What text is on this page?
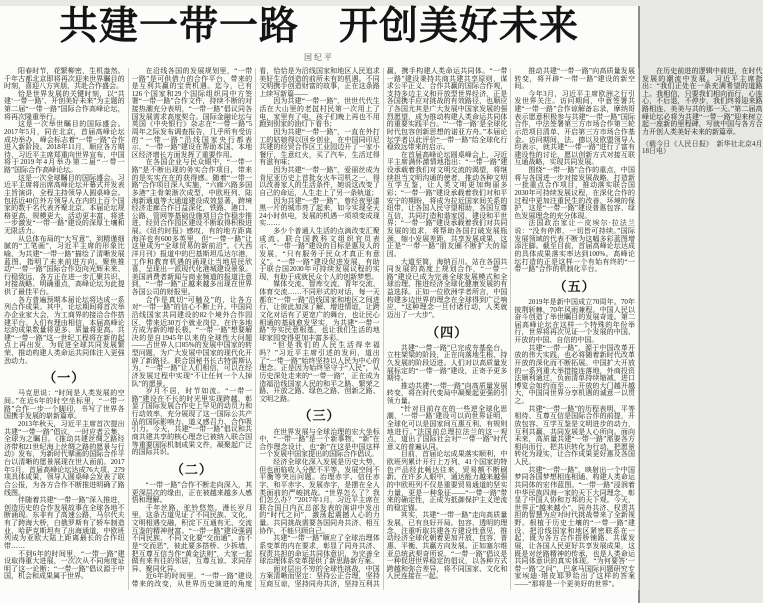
共建一带一路　开创美好未来
国纪平

阳春时节，花繁柳密，生机盎然。千年古都北京即将再次迎来世界瞩目的时刻，喜迎八方宾朋，共赴合作盛会。

恰是世界发展的关键时刻，以“共建‘一带一路’、开创美好未来”为主题的第二届“一带一路”国际合作高峰论坛，将再次隆重举行。

这是一次举世瞩目的国际盛会。2017年5月，同在北京，首届高峰论坛成功举办，峰会标志着“一带一路”合作进入新阶段。2018年11月，顺应各方期待，习近平主席郑重向世界宣布，中国将于2019年4月举办第二届“一带一路”国际合作高峰论坛。

这是一次全球瞩目的国际盛会。习近平主席将出席高峰论坛开幕式并发表主旨演讲，全程主持领导人圆桌峰会。包括近40位外方领导人在内的上百个国家的数千名代表齐聚北京。本届论坛规格更高、规模更大、活动更丰富，将进一步激发“一带一路”建设的深厚土壤和无限活力。

从总体布局的“大写意”，到精谨细腻的“工笔画”，习近平主席的形象比喻，为共建“一带一路”描绘了清晰发展蓝图，指明了未来前进方向。聚焦推动“一带一路”国际合作迈向光辉未来、行稳致远，各方正在进一步汇聚共识、对接战略、明确重点，高峰论坛为此提供了最佳平台。

各方普遍预期本届论坛将达成一系列合作成果。其中，论坛期间将首次举办企业家大会，为工商界的接洽合作搭建平台。人们有理由相信，本届高峰论坛的成果数量将更多、质量将更高。共建“一带一路”这一世纪工程将在新的起点上再出发，为促进全球共同发展繁荣、推动构建人类命运共同体注入更强劲动力。

（一）

马克思说：“时间是人类发展的空间。”在近6年的时空坐标里，“一带一路”合作一步一个脚印，书写了世界各国携手发展的崭新篇章。

2013年秋天，习近平主席首次提出共建“一带一路”倡议，一时应者云集，全球为之瞩目。《推动共建丝绸之路经济带和21世纪海上丝绸之路的愿景与行动》发布，为新时代擘画的国际合作平台以清晰的愿景展现在世人面前。2017年5月，首届高峰论坛达成76大项、279项具体成果，领导人圆桌峰会发表了联合公报，为各方合作不断推进明确了路线图。

伴随着共建“一带一路”深入推进，创造历史的合作发展故事在全球各地不断涌现。东非有了高速公路，马尔代夫有了跨海大桥，白俄罗斯有了轿车制造业，哈萨克斯坦有了出海通道，中欧班列成为亚欧大陆上距离最长的合作纽带……

不到6年的时间里，“一带一路”建设取得重大进展，一次次从不同角度证明了这一论断：“一带一路”倡议源于中国，机会和成果属于世界。

在沿线各国的发展规划里，“一带一路”是可供借力的合作平台，带来的是互利共赢的宝贵机遇。迄今，已有126个国家和29个国际组织同中方签署“一带一路”合作文件，持续不断的对接热潮充分表明，“一带一路”倡议同各国发展需求高度契合。国际金融论坛与英国《中央银行》杂志在“一带一路”5周年之际发布调查报告，几乎所有受访的“一带一路”沿线国家央行都表示，“一带一路”建设在帮助本国、本地区经济增长方面发挥了重要作用。

在各国企业与民众眼中，“一带一路”是不断出现的务实合作项目，带来的是实实在在的获得感。随着“一带一路”合作项目深入实施，“六廊六路多国多港”主骨架渐次成型，中欧班列、陆海新通道等大通道建设成效显著，跨境经济走廊合作日益深化，铁路、港口、公路、管网等基础设施项目合作稳步推进，经贸合作园区建设不断取得积极进展。《纽约时报》感叹，有的地方距离海洋也有600多英里，但“一带一路”让这里成为“全球贸易的新前沿”。《大西洋月刊》报道中的巴基斯坦瓜达尔港，工作和教育机遇的涌现让当地居民欣喜，呈现出一派现代化港城建设景象。美国消费者新闻与商业频道的报道注意到，“一带一路”正越来越多出现在世界各国公司的财报里。

合作是真切“可触及”的，让各方对“一带一路”的信心不断上升。中国同沿线国家共同建设的82个境外合作园区，带来近30万个就业岗位，在许多地方成为新的增长极。“一带一路”想要解决的是自1945年以来的全球性大问题——占世界人口85%的发展中国家的转型问题，为广大发展中国家的现代化开辟了新路径。联合国秘书长古特雷斯认为，“一带一路”让人们相信，可以在经济发展过程中实现“不让任何一个人掉队”的愿景。

岁月不居，时节如流。“一带一路”建设在不长的时光里实现跨越，彰显了国际发展合作史上罕见的动员力和行动效率，充分展现了这一国际公共产品的国际影响力、道义感召力、合作吸引力。今天，共建“一带一路”倡议和共商共建共享的核心理念已被纳入联合国等重要国际机制成果文件，凝聚起广泛的国际共识。

（二）

“一带一路”合作不断走向深入，其更深层次的缘由，正在被越来越多人感悟和理解。

千年丝路，驼铃悠悠。漫长岁月里，这条古道见证了不同民族、文化、文明相遇交融，积淀下互通有无、交流互鉴的精神财富。“一带一路”建设强调不同民族、不同文化要“交而通”，而不是“交而恶”，彼此要多搭桥、少拆墙，把互尊互信当作“黄金法则”，大家一起做有来有往的邻居，互尊互谅、求同存异、聚同化异。

近6年的时间里，“一带一路”建设带来的改变，从世界历史演进的角度看，恰恰是为沿线国家和地区人民追求美好生活创造的前所未有的机遇。不同文明携手创造财富的故事，正在这条路上续写新篇——

因为共建“一带一路”，世世代代生活在大山里的老挝村民第一次用上了电，家里有了电，孩子们晚上再也不用跑到别家的油灯下看书；

因为共建“一带一路”，一直在外打工的姑娘得以回乡创业，在中国同印尼共建的经贸合作区工业园边开了一家小餐厅，生意红火，买了汽车，生活过得有滋有味；

因为共建“一带一路”，爱丽丝成为肯尼亚历史上首批女火车司机之一，得以改善家人的生活条件，她说这改变了自己的命运，人生走上了另一条轨道；

因为共建“一带一路”，曾经夜里漆黑一片的城市亮了起来，如今实现全天24小时供电，发展的机遇一项项变成现实……

多少个普通人生活的点滴改变汇聚成流。联合国教科文组织官员表示，“一带一路”建设的目标是惠及人的发展，“只有服务于民众才真正有意义”。“一带一路”建设促进发展，有助于联合国2030年可持续发展议程的实现，有助于成就民众个人的创新梦想。

媒体交流、智库交流、青年交流、体育交流……不同形式的对话，每一天都在“一带一路”沿线国家和地区之间进行，让彼此加深了解、增进情谊，让跨文化对话有了更宽广的舞台，也让民心相通的基础愈发坚实，为共建“一带一路”夯实民意根基，也让我们生活的地球家园变得更加丰富多彩。

“但是我们的人民生活得幸福吗？”习近平主席引述的发问，道出了“一带一路”始终坚持以人民为中心的理念。正是因为始终坚守于“人民”，从历史深处走来的“一带一路”，正在成为造福沿线国家人民的和平之路、繁荣之路、开放之路、绿色之路、创新之路、文明之路。

（三）

在世界发展与全球治理的宏大坐标中，“一带一路”是一个新事物，“新”在合作理念设计，也“新”在这是中国这样一个发展中国家提出的国际合作倡议。

经济全球化深入发展是历史大势，但也面临收入分配不平等、发展空间不平衡等突出问题。治理赤字、信任赤字、和平赤字、发展赤字，是摆在全人类面前的严峻挑战。“世界怎么了？我们怎么办？”2017年1月，习近平主席在联合国日内瓦总部发表的演讲中发出的“时代之问”，激荡起震撼人心的力量。共同挑战需要各国同舟共济、相互协作，不能只顾自己。

共建“一带一路”顺应了全球治理体系变革的内在要求，彰显了同舟共济、权责共担的命运共同体意识，为完善全球治理体系变革提供了新思路新方案。

面对层出不穷的全球性挑战，中国方案清晰而坚定：坚持公正合理，坚持互商互谅，坚持同舟共济，坚持互利共赢，携手构建人类命运共同体。“一带一路”建设秉持共商共建共享原则，谋求公平正义、合作共赢的国际合作观，支持多边主义和开放型世界经济，正是各国携手应对挑战的有效路径，也顺应了各国尤其是广大发展中国家发展的强烈愿望，成为推动构建人类命运共同体的重要实践平台。“‘一带一路’是全球化时代包容创新思想的诺亚方舟。”本届论坛学者以此评价“一带一路”给全球化行稳致远带来的启示。

在首届高峰论坛圆桌峰会上，习近平主席满怀激情地指出：“一带一路”建设承载着我们对文明交流的渴望，将继续担当文明沟通的使者，推动各种文明互学互鉴，让人类文明更加绚丽多彩；“一带一路”建设承载着我们对和平安宁的期盼，将成为拉近国家间关系的纽带，让各国人民守望相助，各国互尊互信，共同打造和谐家园，建设和平世界；“一带一路”建设承载着我们对共同发展的追求，将帮助各国打破发展瓶颈，缩小发展差距，共享发展成果，这正是“一带一路”朋友圈不断扩大的原因。

大道至简，海纳百川。站在各国共同发展的高度上规划合作，“一带一路”建设已成为完善全球发展模式和全球治理、推进经济全球化健康发展的有益选择。正如一位欧洲学者所言，中国构建多边世界的理念在全球得到广泛响应，“这种理念一旦付诸行动，人类就迈出了一大步”。

（四）

共建“一带一路”已完成夯基垒台、立柱架梁的阶段，正在向落地生根、持久发展的阶段迈进。人们对以高质量发展标定的“一带一路”建设，正寄予更多期待。

推动共建“一带一路”向高质量发展转变，将在时代变局中凝聚起更强的引领力量。

“针对目前存在的一些逆全球化思潮，‘一带一路’建设可以向世界证明，全球化可以是国家间互惠互利、有规则地进行。”法国前总理拉法兰的这一观点，道出了国际社会对“一带一路”时代意义的普遍认同。

目前，首届论坛成果落实顺利，中欧班列累计开行上万列，41个国家的特色产品经此畅达往来，贸易额不断刷新。在许多人眼中，通达能力越来越强的中欧班列不仅是重要贸易通道的坚实力量，更是一种象征——“一带一路”带来的确定性，正成为抵御保护主义逆流的稳定锚。

其实，共建“一带一路”走向高质量发展，已有良好开局。包容、透明的理念，注重听取共建各方建设性意见，推动经济全球化朝着更加开放、包容、普惠、平衡、共赢方向发展。正如塞尔维亚总统武契奇所说，“一带一路”倡议是一种促进世界稳定的倡议，以各种方式跨越和弥合差异，将不同国家、文化和人民连接在一起。

推动共建“一带一路”向高质量发展转变，将开辟“一带一路”建设的新空间。

今年3月，习近平主席欧洲之行引发世界关注。访问期间，中意签署共建“一带一路”合作谅解备忘录，摩纳哥表示愿意积极参与共建“一带一路”国际合作，中法签署第三方市场合作第三轮示范项目清单、开启第三方市场合作基金。访问期间，法、德以及欧盟领导人均表示，就共建“一带一路”进行了富有建设性的讨论，愿以创新方式对接互联互通战略，实现共同发展。

围绕“一带一路”合作的重点，中国将与各国进一步对接发展战略，打造新一批重点合作项目，推动落实联合国2030年可持续发展议程，在深化合作的过程中更加注重民生的改善、环境的保护，这是“一带一路”建设普惠包容、绿色发展理念的充分体现。

法国政治家让－皮埃尔·拉法兰说：“没有停滞，一切皆可持续。”国际发展领域的代表不断为这幅多彩蓝图增添注脚。截至目前，首届高峰论坛达成的具体成果落实率达到100%。高峰论坛打造的正是这样一个有始有终的“一带一路”合作的机制化平台。

（五）

2019年是新中国成立70周年。70年披荆斩棘，70年风雨兼程。中国人民以奋斗创造了举世瞩目的发展奇迹。第二届高峰论坛在这样一个特殊的年份举行，世界将再次见证一个发展的中国、开放的中国、自信的中国。

共建“一带一路”，源于中国改革开放的伟大实践，也必将随着新时代改革开放的深化而不断拓展。中国扩大开放的一系列重大举措接连落地，外商投资法顺利通过，负面清单持续缩减，进口博览会如约而至……开放的大门越开越大，中国同世界分享机遇的诚意一以贯之。

共建“一带一路”的历程表明，平等相待、互尊互信是国际合作的前提，开放包容、互学互鉴是文明进步的动力，互利共赢、共同发展是人心所向。面向未来，高质量共建“一带一路”需要各方相向而行，把共识转化为行动，把愿景转化为现实，让合作成果更好惠及各国人民。

共建“一带一路”，映射出一个中国梦同各国梦想相连相通、构建人类命运共同体的宏伟蓝图。“一带一路”浸润着中华民族四海一家的天下大同理念，彰显了中国人协和万邦的天下观。今天，世界正“越来越小”，同舟共济、权责共担的智慧为应对时代挑战带来了全新视野。根植于历史土壤的“一带一路”建设，把沿线国家和地区紧密联系在一起，既为各方合作搭桥铺路、共谋发展，让各国人民更好共享发展成果，这既是对丝路精神的传承，也是人类命运共同体意识的真实体现。“为何要答‘一带一路’之问”，巴拿马国际问题研究专家埃迪·塔皮耶罗给出了这样的答案——“那将是一个更美好的世界”。

在历史前进的逻辑中前进，在时代发展的潮流中发展。习近平主席指出：“我们正处在一条充满希望的道路上。我相信，只要我们相向而行，心连心，不后退，不停步，我们终将迎来路路相连、美美与共的那一天。”第二届高峰论坛必将为共建“一带一路”迎来树立起一座新的里程碑，写就中国与各方合力开创人类美好未来的新篇章。

（载今日《人民日报》　新华社北京4月18日电）
